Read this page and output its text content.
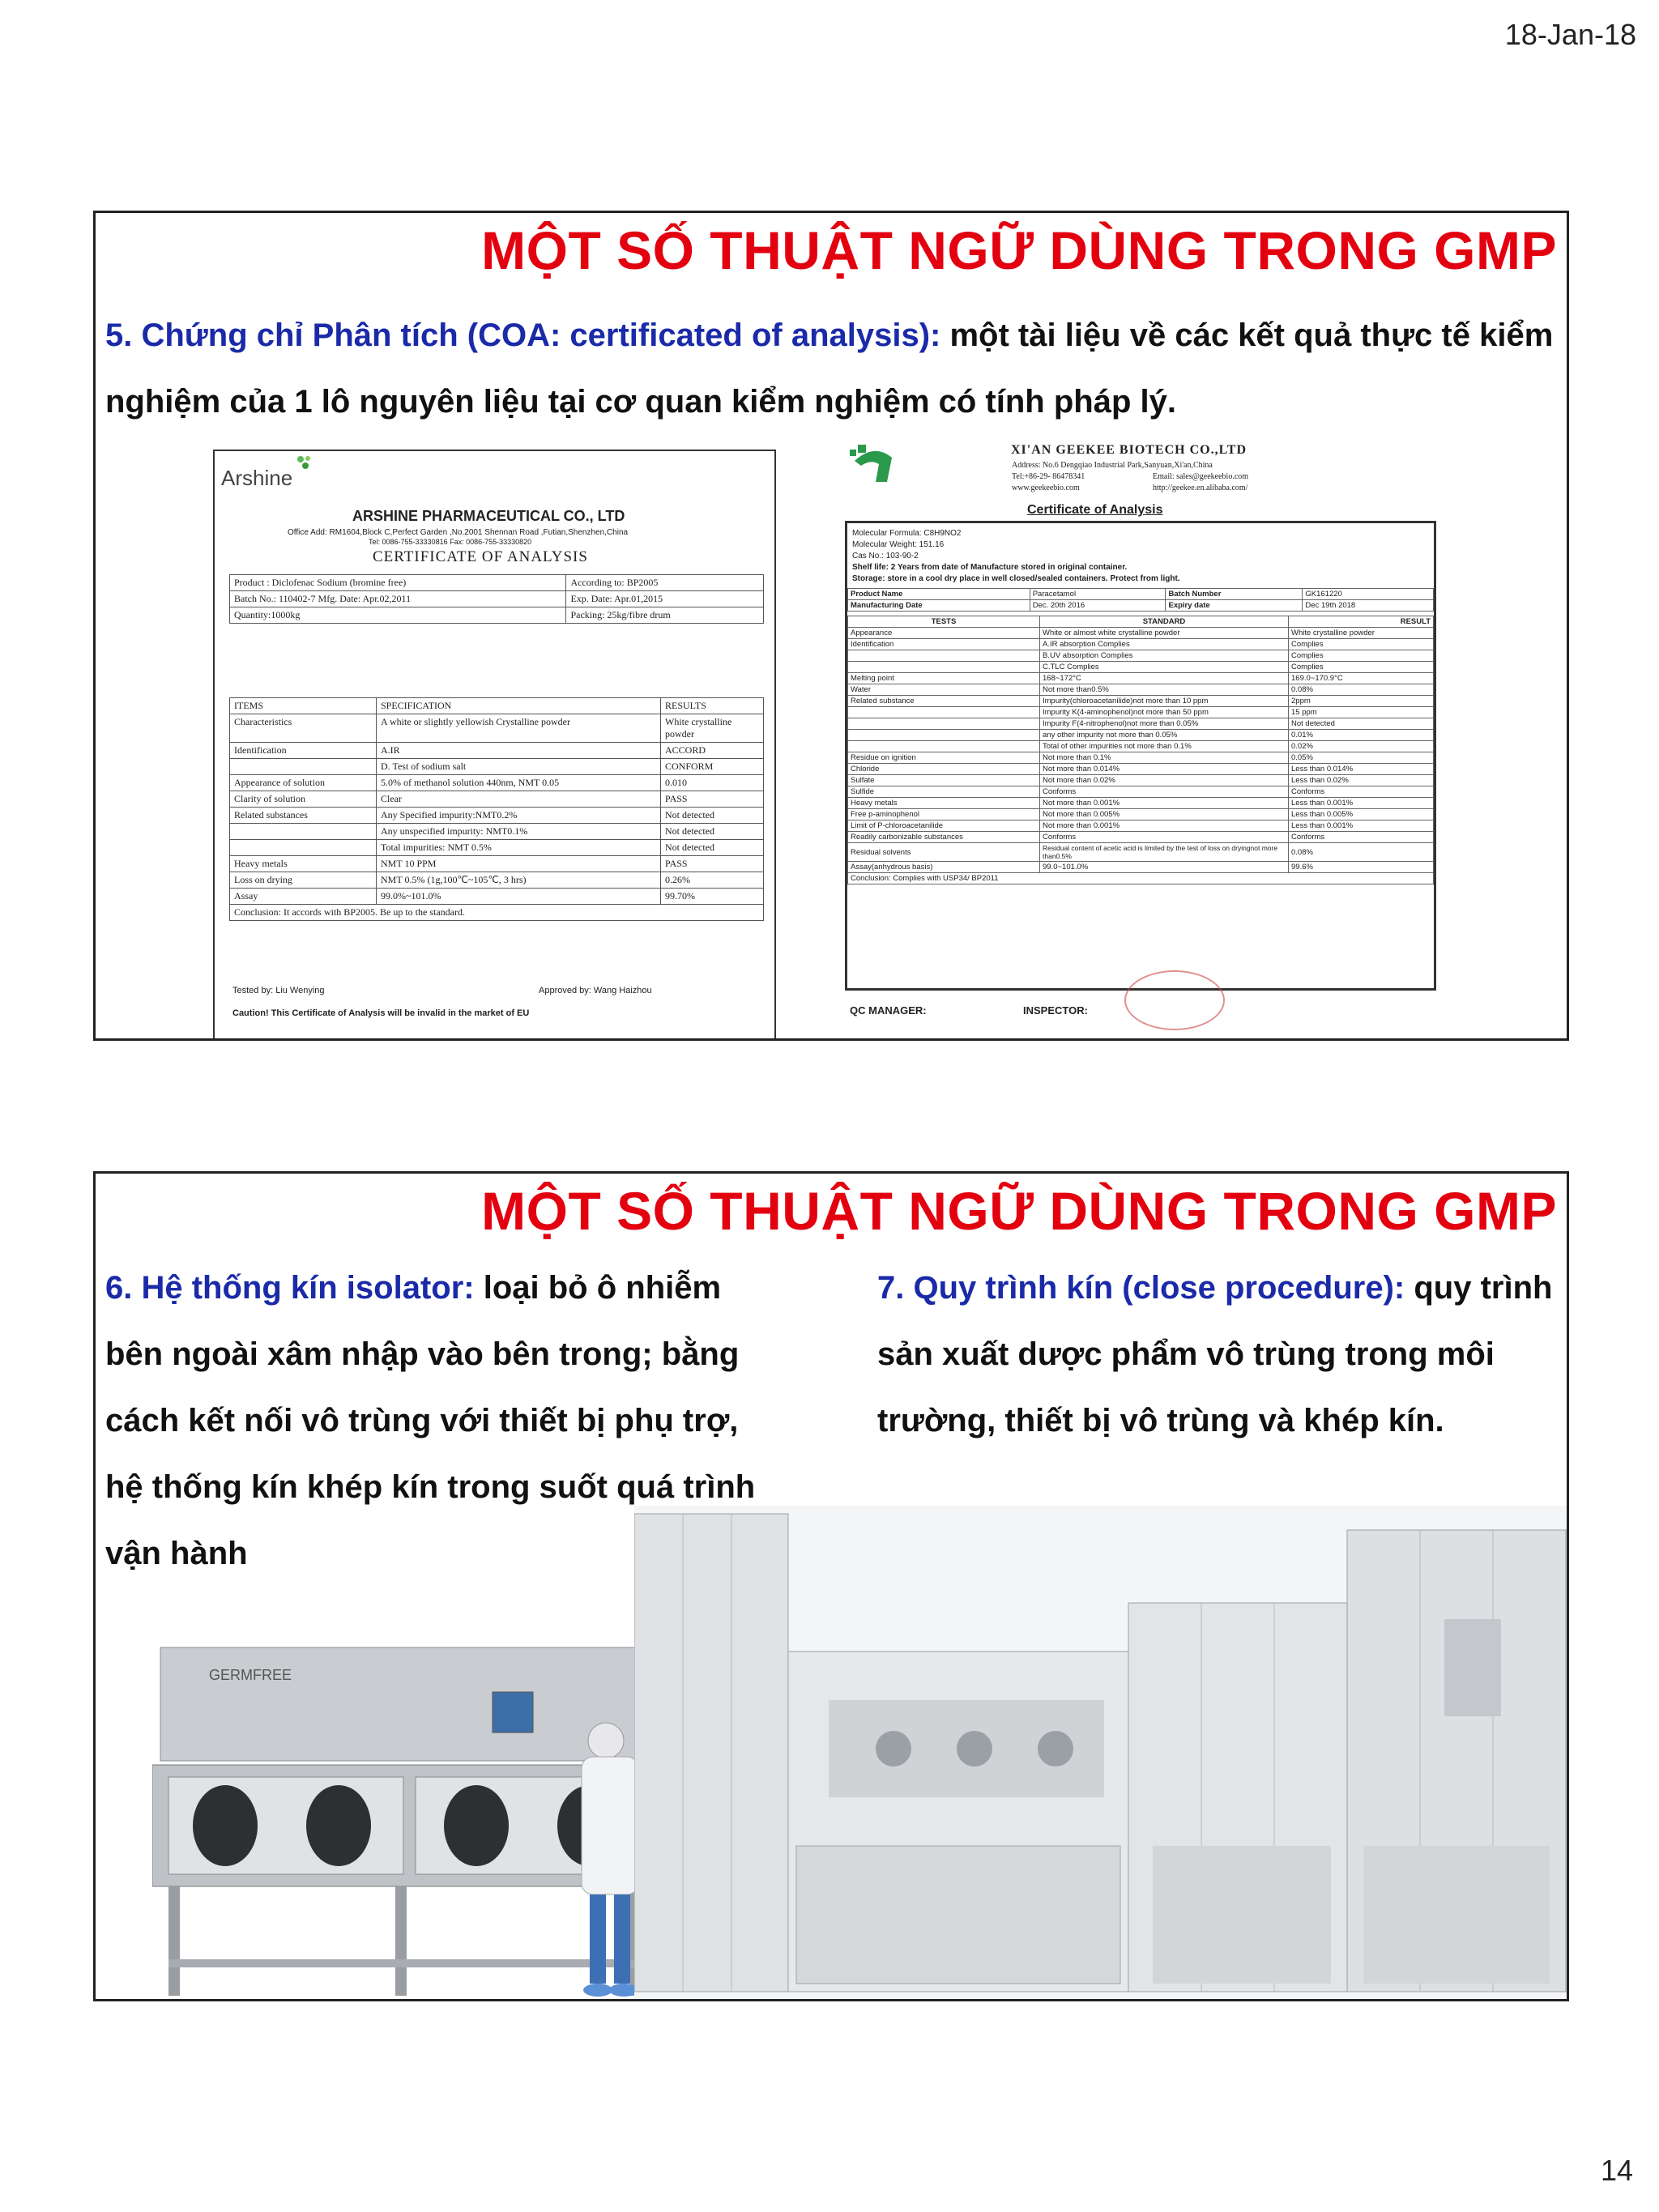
18-Jan-18
MỘT SỐ THUẬT NGỮ DÙNG TRONG GMP
5. Chứng chỉ Phân tích (COA: certificated of analysis): một tài liệu về các kết quả thực tế kiểm nghiệm của 1 lô nguyên liệu tại cơ quan kiểm nghiệm có tính pháp lý.
Arshine
ARSHINE PHARMACEUTICAL CO., LTD
Office Add: RM1604,Block C,Perfect Garden ,No.2001 Shennan Road ,Futian,Shenzhen,China
Tel: 0086-755-33330816 Fax: 0086-755-33330820
CERTIFICATE OF ANALYSIS
Product : Diclofenac Sodium (bromine free)	According to: BP2005
Batch No.: 110402-7 Mfg. Date: Apr.02,2011	Exp. Date: Apr.01,2015
Quantity:1000kg	Packing: 25kg/fibre drum
ITEMS	SPECIFICATION	RESULTS
Characteristics	A white or slightly yellowish Crystalline powder	White crystalline powder
Identification	A.IR	ACCORD
	D. Test of sodium salt	CONFORM
Appearance of solution	5.0% of methanol solution 440nm, NMT 0.05	0.010
Clarity of solution	Clear	PASS
Related substances	Any Specified impurity:NMT0.2%	Not detected
	Any unspecified impurity: NMT0.1%	Not detected
	Total impurities: NMT 0.5%	Not detected
Heavy metals	NMT 10 PPM	PASS
Loss on drying	NMT 0.5% (1g,100℃~105℃, 3 hrs)	0.26%
Assay	99.0%~101.0%	99.70%
Conclusion: It accords with BP2005. Be up to the standard.		
Tested by: Liu Wenying	Approved by: Wang Haizhou
Caution! This Certificate of Analysis will be invalid in the market of EU
XI'AN GEEKEE BIOTECH CO.,LTD
Address: No.6 Dengqiao Industrial Park,Sanyuan,Xi'an,China
Tel:+86-29- 86478341	Email: sales@geekeebio.com
www.geekeebio.com	http://geekee.en.alibaba.com/
Certificate of Analysis
Molecular Formula: C8H9NO2
Molecular Weight: 151.16
Cas No.: 103-90-2
Shelf life: 2 Years from date of Manufacture stored in original container.
Storage: store in a cool dry place in well closed/sealed containers. Protect from light.
Product Name	Paracetamol	Batch Number	GK161220
Manufacturing Date	Dec. 20th 2016	Expiry date	Dec 19th 2018
TESTS	STANDARD	RESULT
Appearance	White or almost white crystalline powder	White crystalline powder
Identification	A.IR absorption Complies	Complies
	B.UV absorption Complies	Complies
	C.TLC Complies	Complies
Melting point	168~172°C	169.0~170.9°C
Water	Not more than0.5%	0.08%
Related substance	Impurity(chloroacetanilide)not more than 10 ppm	2ppm
	Impurity K(4-aminophenol)not more than 50 ppm	15 ppm
	Impurity F(4-nitrophenol)not more than 0.05%	Not detected
	any other impurity not more than 0.05%	0.01%
	Total of other impurities not more than 0.1%	0.02%
Residue on ignition	Not more than 0.1%	0.05%
Chloride	Not more than 0.014%	Less than 0.014%
Sulfate	Not more than 0.02%	Less than 0.02%
Sulfide	Conforms	Conforms
Heavy metals	Not more than 0.001%	Less than 0.001%
Free p-aminophenol	Not more than 0.005%	Less than 0.005%
Limit of P-chloroacetanilide	Not more than 0.001%	Less than 0.001%
Readily carbonizable substances	Conforms	Conforms
Residual solvents	Residual content of acetic acid is limited by the test of loss on dryingnot more than0.5%	0.08%
Assay(anhydrous basis)	99.0~101.0%	99.6%
Conclusion: Complies with USP34/ BP2011		
QC MANAGER:	INSPECTOR:
MỘT SỐ THUẬT NGỮ DÙNG TRONG GMP
6. Hệ thống kín isolator: loại bỏ ô nhiễm bên ngoài xâm nhập vào bên trong; bằng cách kết nối vô trùng với thiết bị phụ trợ, hệ thống kín khép kín trong suốt quá trình vận hành
7. Quy trình kín (close procedure): quy trình sản xuất dược phẩm vô trùng trong môi trường, thiết bị vô trùng và khép kín.
GERMFREE
14
